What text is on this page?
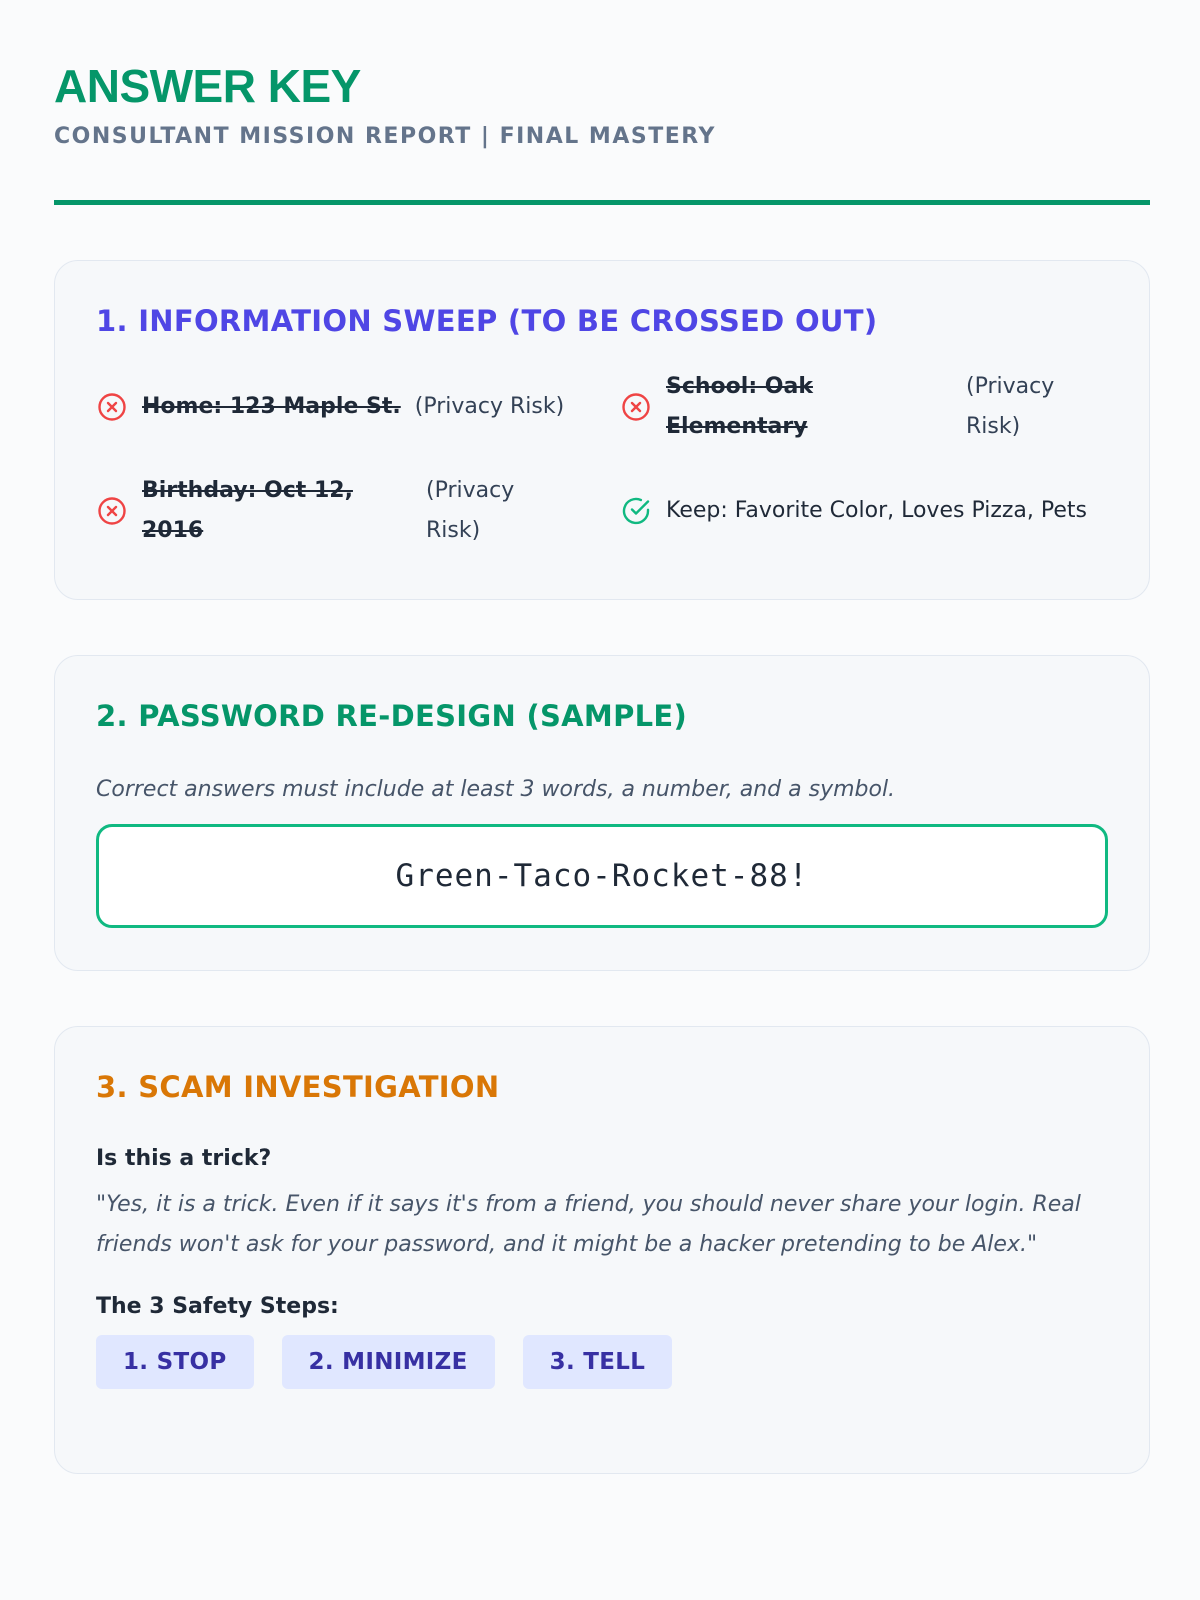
ANSWER KEY
CONSULTANT MISSION REPORT | FINAL MASTERY
1. INFORMATION SWEEP (TO BE CROSSED OUT)
Home: 123 Maple St. (Privacy Risk)
School: Oak Elementary
(Privacy Risk)
Birthday: Oct 12, 2016
(Privacy Risk)
Keep: Favorite Color, Loves Pizza, Pets
2. PASSWORD RE-DESIGN (SAMPLE)

Correct answers must include at least 3 words, a number, and a symbol.

Green-Taco-Rocket-88!
3. SCAM INVESTIGATION

Is this a trick?

"Yes, it is a trick. Even if it says it's from a friend, you should never share your login. Real friends won't ask for your password, and it might be a hacker pretending to be Alex."

The 3 Safety Steps:

1. STOP	2. MINIMIZE	3. TELL
